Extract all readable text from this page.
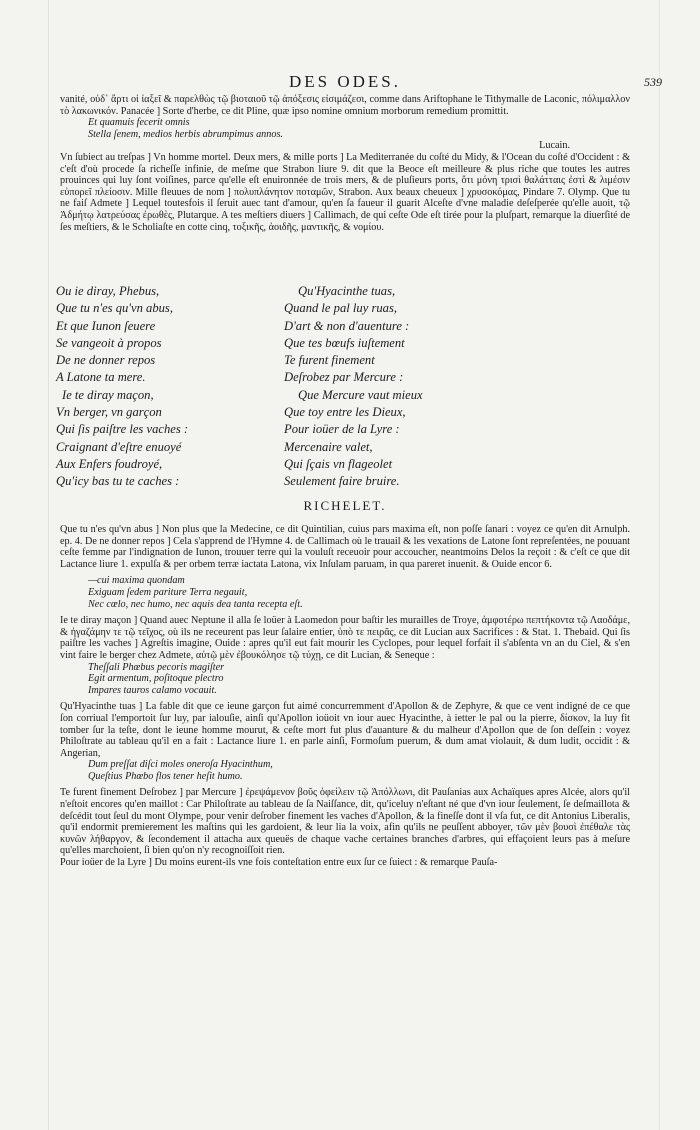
DES ODES.	539

vanité, οὐδ᾽ ἄρτι οἱ ἰαξεῖ & παρελθὼς τῷ βιοταιοῦ τῷ ἀπόξεσις εἰσιμάζεσι, comme dans Ariftophane le Tithymalle de Laconic, πόλιμαλλον τὸ λακωνικόν. Panacée ] Sorte d'herbe, ce dit Pline, quæ ipso nomine omnium morborum remedium promittit.

Et quamuis fecerit omnis

Stella ſenem, medios herbis abrumpimus annos.

Lucain.

Vn ſubiect au treſpas ] Vn homme mortel. Deux mers, & mille ports ] La Mediterranée du coſté du Midy, & l'Ocean du coſté d'Occident : & c'eſt d'où procede ſa richeſſe infinie, de meſme que Strabon liure 9. dit que la Beoce eſt meilleure & plus riche que toutes les autres prouinces qui luy ſont voiſines, parce qu'elle eſt enuironnée de trois mers, & de pluſieurs ports, ὅτι μόνη τρισὶ θαλάτταις ἐστὶ & λιμέσιν εὐπορεῖ πλείοσιν. Mille fleuues de nom ] πολυπλάνητον ποταμῶν, Strabon. Aux beaux cheueux ] χρυσοκόμας, Pindare 7. Olymp. Que tu ne faiſ Admete ] Lequel toutesfois il ſeruit auec tant d'amour, qu'en ſa faueur il guarit Alceſte d'vne maladie deſeſperée qu'elle auoit, τῷ Ἀδμήτῳ λατρεύσας ἐρωθὲς, Plutarque. A tes meſtiers diuers ] Callimach, de qui ceſte Ode eſt tirée pour la pluſpart, remarque la diuerſité de ſes meſtiers, & le Scholiaſte en cotte cinq, τοξικῆς, ἀοιδῆς, μαντικῆς, & νομίου.

Ou ie diray, Phebus,
Que tu n'es qu'vn abus,
Et que Iunon ſeuere
Se vangeoit à propos
De ne donner repos
A Latone ta mere.
Ie te diray maçon,
Vn berger, vn garçon
Qui ſis paiſtre les vaches :
Craignant d'eſtre enuoyé
Aux Enfers foudroyé,
Qu'icy bas tu te caches :
Qu'Hyacinthe tuas,
Quand le pal luy ruas,
D'art & non d'auenture :
Que tes bœufs iuſtement
Te furent finement
Deſrobez par Mercure :
Que Mercure vaut mieux
Que toy entre les Dieux,
Pour ioüer de la Lyre :
Mercenaire valet,
Qui ſçais vn flageolet
Seulement faire bruire.
RICHELET.

Que tu n'es qu'vn abus ] Non plus que la Medecine, ce dit Quintilian, cuius pars maxima eſt, non poſſe ſanari : voyez ce qu'en dit Arnulph. ep. 4. De ne donner repos ] Cela s'apprend de l'Hymne 4. de Callimach où le trauail & les vexations de Latone ſont repreſentées, ne pouuant ceſte femme par l'indignation de Iunon, trouuer terre qui la vouluſt receuoir pour accoucher, neantmoins Delos la reçoit : & c'eſt ce que dit Lactance liure 1. expulſa & per orbem terræ iactata Latona, vix Inſulam paruam, in qua pareret inuenit. & Ouide encor 6.

—cui maxima quondam

Exiguam ſedem pariture Terra negauit,

Nec cœlo, nec humo, nec aquis dea tanta recepta eſt.

Ie te diray maçon ] Quand auec Neptune il alla ſe loüer à Laomedon pour baſtir les murailles de Troye, ἀμφοτέρω πεπτήκοντα τῷ Λαοδάμε, & ἠγαζάμην τε τῷ τεῖχος, où ils ne receurent pas leur ſalaire entier, ὑπὸ τε πειρᾶς, ce dit Lucian aux Sacrifices : & Stat. 1. Thebaid. Qui ſis paiſtre les vaches ] Agreſtis imagine, Ouide : apres qu'il eut fait mourir les Cyclopes, pour lequel forfait il s'abſenta vn an du Ciel, & s'en vint faire le berger chez Admete, αὐτῷ μὲν ἐβουκόλησε τῷ τύχῃ, ce dit Lucian, & Seneque :

Theſſali Phœbus pecoris magiſter

Egit armentum, poſitoque plectro

Impares tauros calamo vocauit.

Qu'Hyacinthe tuas ] La fable dit que ce ieune garçon fut aimé concurremment d'Apollon & de Zephyre, & que ce vent indigné de ce que ſon corriual l'emportoit ſur luy, par ialouſie, ainſi qu'Apollon ioüoit vn iour auec Hyacinthe, à ietter le pal ou la pierre, δίσκον, la luy fit tomber ſur la teſte, dont le ieune homme mourut, & ceſte mort fut plus d'auanture & du malheur d'Apollon que de ſon deſſein : voyez Philoſtrate au tableau qu'il en a fait : Lactance liure 1. en parle ainſi, Formoſum puerum, & dum amat violauit, & dum ludit, occidit : & Angerian,

Dum preſſat diſci moles oneroſa Hyacinthum,

Queſtius Phœbo flos tener heſit humo.

Te furent finement Deſrobez ] par Mercure ] ἐρεψάμενον βοῦς ὀφείλειν τῷ Ἀπόλλωνι, dit Pauſanias aux Achaïques apres Alcée, alors qu'il n'eſtoit encores qu'en maillot : Car Philoſtrate au tableau de ſa Naiſſance, dit, qu'iceluy n'eſtant né que d'vn iour ſeulement, ſe deſmaillota & deſcédit tout ſeul du mont Olympe, pour venir deſrober finement les vaches d'Apollon, & la fineſſe dont il vſa fut, ce dit Antonius Liberalis, qu'il endormit premierement les maſtins qui les gardoient, & leur lia la voix, afin qu'ils ne peuſſent abboyer, τῶν μὲν βουσὶ ἐπέθαλε τὰς κυνῶν λήθαργον, & ſecondement il attacha aux queuës de chaque vache certaines branches d'arbres, qui effaçoient leurs pas à meſure qu'elles marchoient, ſi bien qu'on n'y recognoiſſoit rien.

Pour ioüer de la Lyre ] Du moins eurent-ils vne fois conteſtation entre eux ſur ce ſuiect : & remarque Pauſa-
